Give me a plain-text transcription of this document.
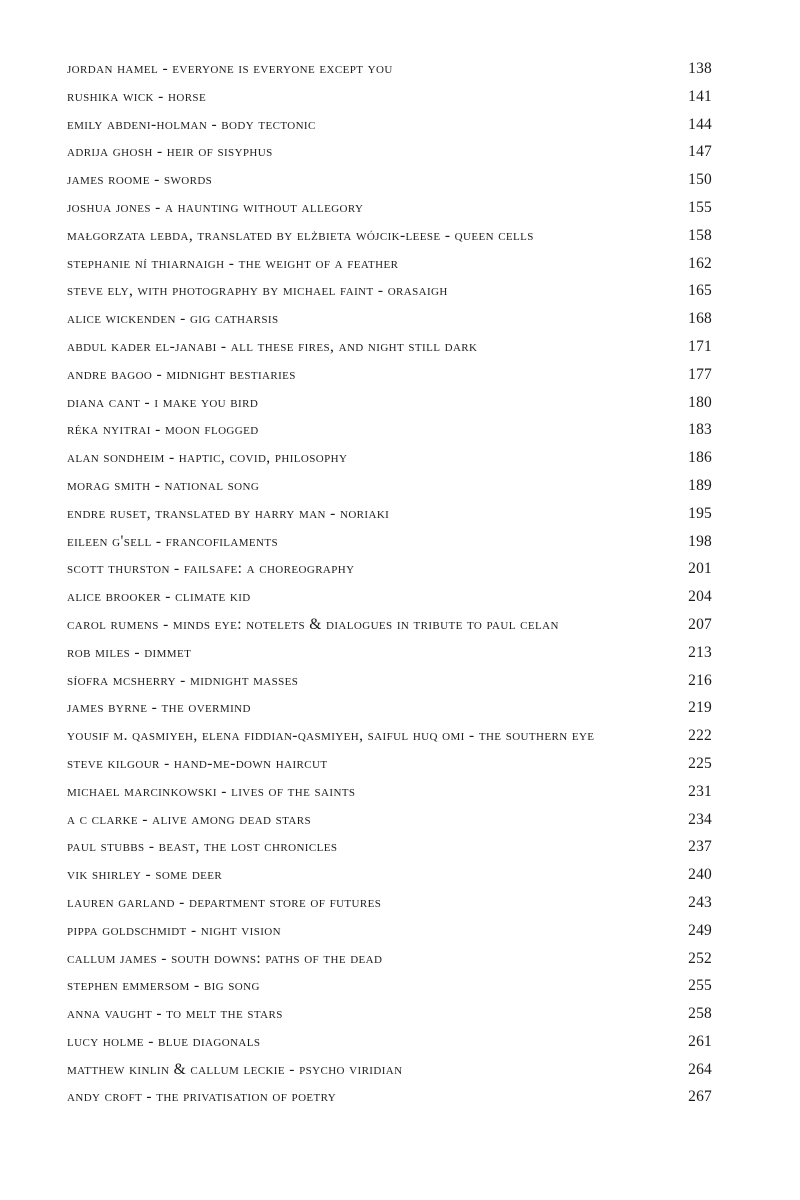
jordan hamel - everyone is everyone except you	138
rushika wick - horse	141
emily abdeni-holman - body tectonic	144
adrija ghosh - heir of sisyphus	147
james roome - swords	150
joshua jones - a haunting without allegory	155
małgorzata lebda, translated by elżbieta wójcik-leese - queen cells	158
stephanie ní thiarnaigh - the weight of a feather	162
steve ely, with photography by michael faint - orasaigh	165
alice wickenden - gig catharsis	168
abdul kader el-janabi - all these fires, and night still dark	171
andre bagoo - midnight bestiaries	177
diana cant - i make you bird	180
réka nyitrai - moon flogged	183
alan sondheim - haptic, covid, philosophy	186
morag smith - national song	189
endre ruset, translated by harry man - noriaki	195
eileen g'sell - francofilaments	198
scott thurston - failsafe: a choreography	201
alice brooker - climate kid	204
carol rumens - minds eye: notelets & dialogues in tribute to paul celan	207
rob miles - dimmet	213
síofra mcsherry - midnight masses	216
james byrne - the overmind	219
yousif m. qasmiyeh, elena fiddian-qasmiyeh, saiful huq omi - the southern eye	222
steve kilgour - hand-me-down haircut	225
michael marcinkowski - lives of the saints	231
a c clarke - alive among dead stars	234
paul stubbs - beast, the lost chronicles	237
vik shirley - some deer	240
lauren garland - department store of futures	243
pippa goldschmidt - night vision	249
callum james - south downs: paths of the dead	252
stephen emmersom - big song	255
anna vaught - to melt the stars	258
lucy holme - blue diagonals	261
matthew kinlin & callum leckie - psycho viridian	264
andy croft - the privatisation of poetry	267
